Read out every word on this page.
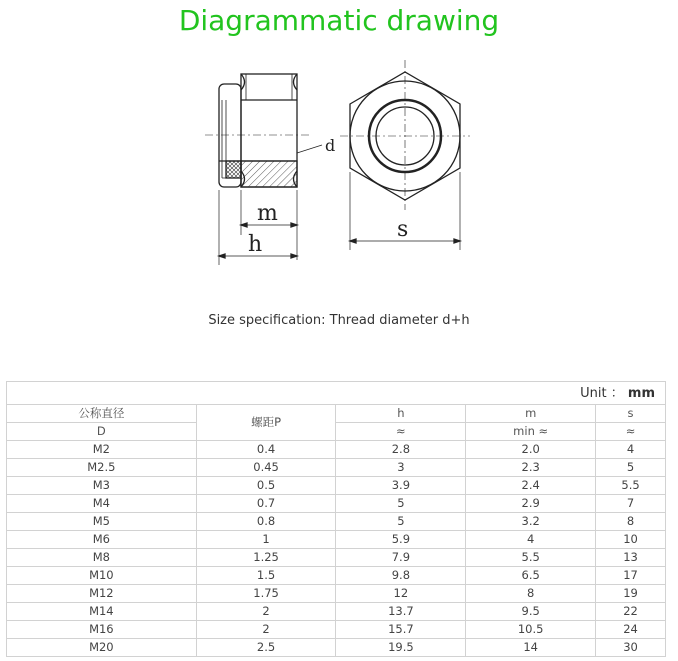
Diagrammatic drawing
d
m
h
s
Size specification: Thread diameter d+h
Unit ： mm				
公称直径	螺距P	h	m	s
D		≈	min ≈	≈
M2	0.4	2.8	2.0	4
M2.5	0.45	3	2.3	5
M3	0.5	3.9	2.4	5.5
M4	0.7	5	2.9	7
M5	0.8	5	3.2	8
M6	1	5.9	4	10
M8	1.25	7.9	5.5	13
M10	1.5	9.8	6.5	17
M12	1.75	12	8	19
M14	2	13.7	9.5	22
M16	2	15.7	10.5	24
M20	2.5	19.5	14	30
